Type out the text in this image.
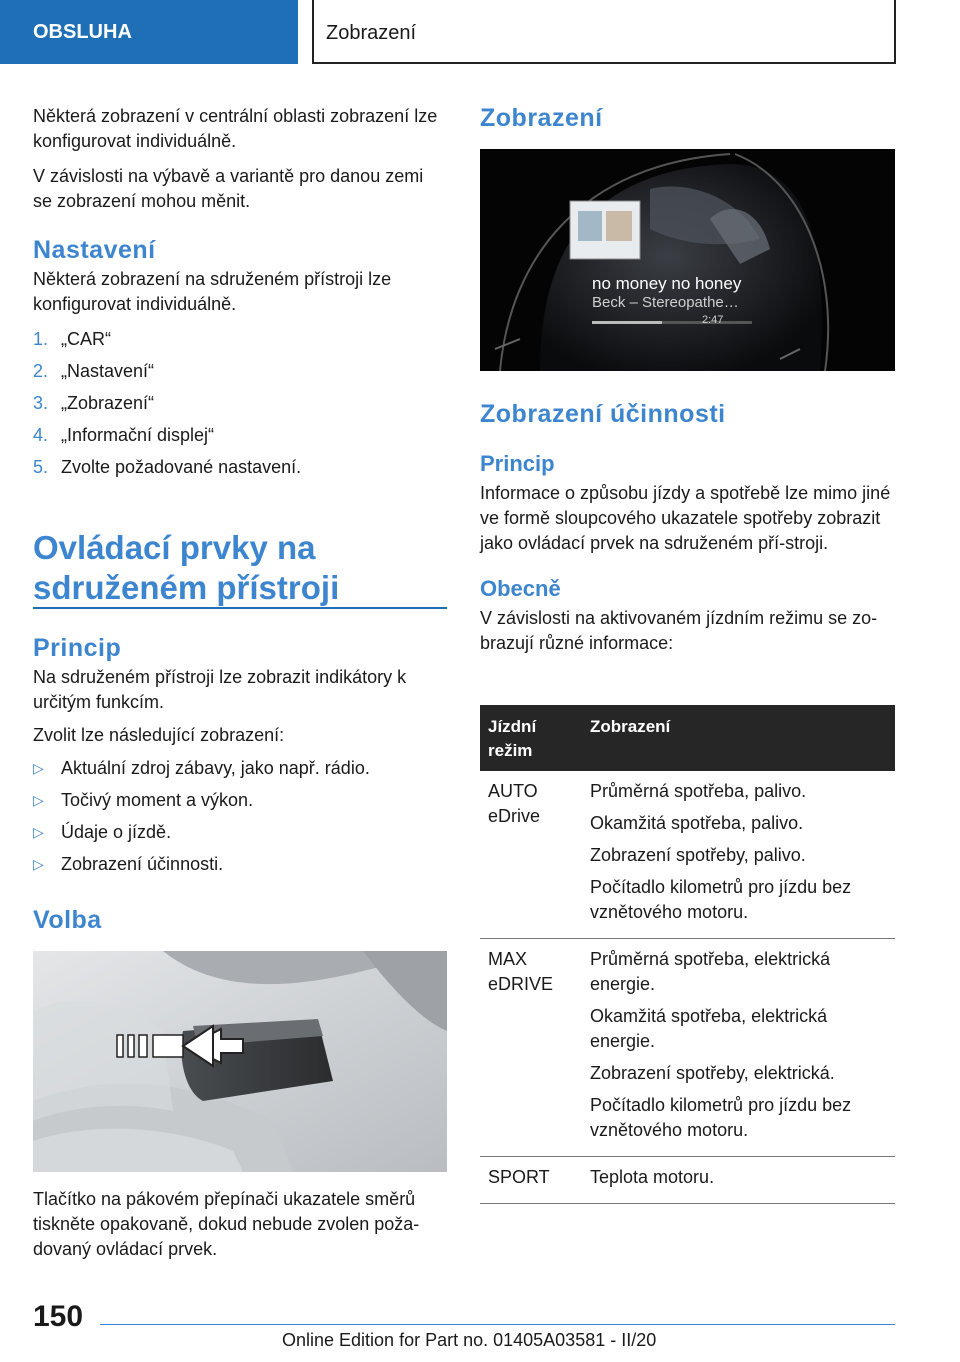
OBSLUHA	Zobrazení

Některá zobrazení v centrální oblasti zobrazení lze konfigurovat individuálně.

V závislosti na výbavě a variantě pro danou zemi se zobrazení mohou měnit.

Nastavení

Některá zobrazení na sdruženém přístroji lze konfigurovat individuálně.

1. „CAR“
2. „Nastavení“
3. „Zobrazení“
4. „Informační displej“
5. Zvolte požadované nastavení.
Ovládací prvky na
sdruženém přístroji
Princip

Na sdruženém přístroji lze zobrazit indikátory k určitým funkcím.

Zvolit lze následující zobrazení:

▷ Aktuální zdroj zábavy, jako např. rádio.
▷ Točivý moment a výkon.
▷ Údaje o jízdě.
▷ Zobrazení účinnosti.
Volba

Tlačítko na pákovém přepínači ukazatele směrů tiskněte opakovaně, dokud nebude zvolen poža-dovaný ovládací prvek.

Zobrazení
no money no honey
Beck – Stereopathe…
2:47
Zobrazení účinnosti
Princip

Informace o způsobu jízdy a spotřebě lze mimo jiné ve formě sloupcového ukazatele spotřeby zobrazit jako ovládací prvek na sdruženém pří-stroji.

Obecně

V závislosti na aktivovaném jízdním režimu se zo-brazují různé informace:

Jízdní režim	Zobrazení
AUTO eDrive	Průměrná spotřeba, palivo.

Okamžitá spotřeba, palivo.

Zobrazení spotřeby, palivo.

Počítadlo kilometrů pro jízdu bez vznětového motoru.

MAX eDRIVE	Průměrná spotřeba, elektrická energie.

Okamžitá spotřeba, elektrická energie.

Zobrazení spotřeby, elektrická.

Počítadlo kilometrů pro jízdu bez vznětového motoru.

SPORT	Teplota motoru.

150
Online Edition for Part no. 01405A03581 - II/20
